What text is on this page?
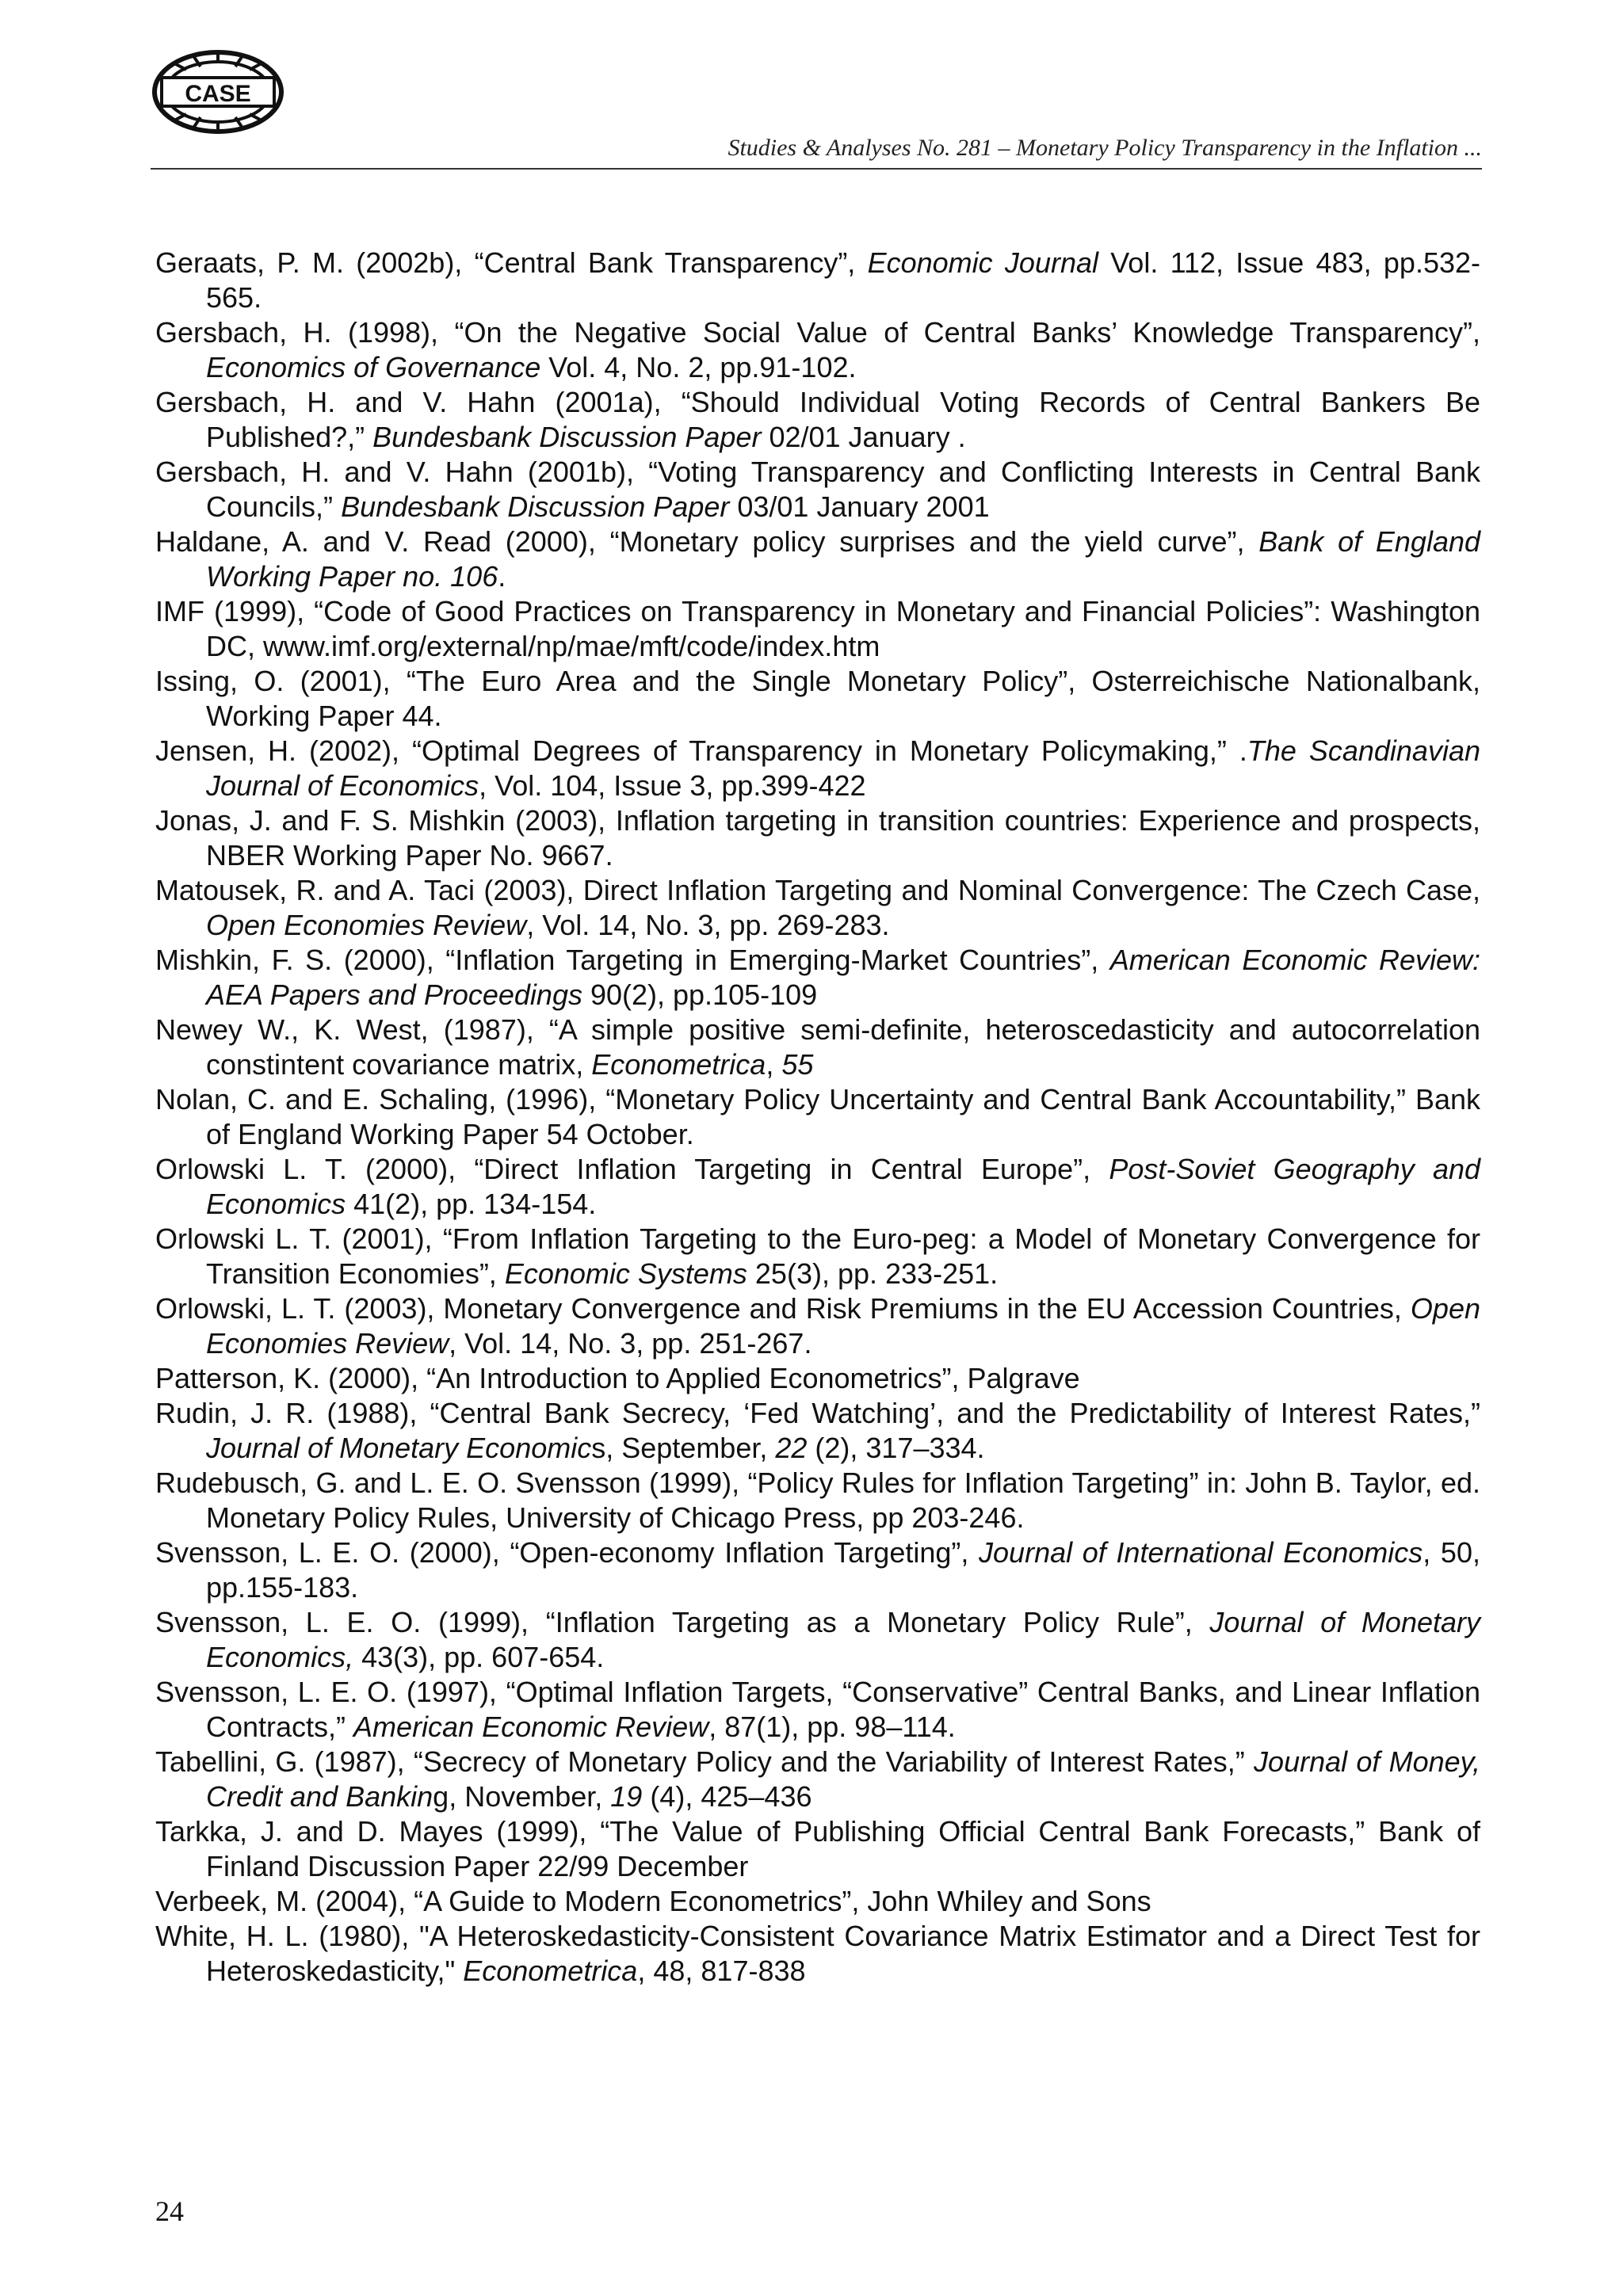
CASE
Studies & Analyses No. 281 – Monetary Policy Transparency in the Inflation ...
Geraats, P. M. (2002b), “Central Bank Transparency”, Economic Journal Vol. 112, Issue 483, pp.532-565.
Gersbach, H. (1998), “On the Negative Social Value of Central Banks’ Knowledge Transparency”, Economics of Governance Vol. 4, No. 2, pp.91-102.
Gersbach, H. and V. Hahn (2001a), “Should Individual Voting Records of Central Bankers Be Published?,” Bundesbank Discussion Paper 02/01 January .
Gersbach, H. and V. Hahn (2001b), “Voting Transparency and Conflicting Interests in Central Bank Councils,” Bundesbank Discussion Paper 03/01 January 2001
Haldane, A. and V. Read (2000), “Monetary policy surprises and the yield curve”, Bank of England Working Paper no. 106.
IMF (1999), “Code of Good Practices on Transparency in Monetary and Financial Policies”: Washington DC, www.imf.org/external/np/mae/mft/code/index.htm
Issing, O. (2001), “The Euro Area and the Single Monetary Policy”, Osterreichische Nationalbank, Working Paper 44.
Jensen, H. (2002), “Optimal Degrees of Transparency in Monetary Policymaking,” .The Scandinavian Journal of Economics, Vol. 104, Issue 3, pp.399-422
Jonas, J. and F. S. Mishkin (2003), Inflation targeting in transition countries: Experience and prospects, NBER Working Paper No. 9667.
Matousek, R. and A. Taci (2003), Direct Inflation Targeting and Nominal Convergence: The Czech Case, Open Economies Review, Vol. 14, No. 3, pp. 269-283.
Mishkin, F. S. (2000), “Inflation Targeting in Emerging-Market Countries”, American Economic Review: AEA Papers and Proceedings 90(2), pp.105-109
Newey W., K. West, (1987), “A simple positive semi-definite, heteroscedasticity and autocorrelation constintent covariance matrix, Econometrica, 55
Nolan, C. and E. Schaling, (1996), “Monetary Policy Uncertainty and Central Bank Accountability,” Bank of England Working Paper 54 October.
Orlowski L. T. (2000), “Direct Inflation Targeting in Central Europe”, Post-Soviet Geography and Economics 41(2), pp. 134-154.
Orlowski L. T. (2001), “From Inflation Targeting to the Euro-peg: a Model of Monetary Convergence for Transition Economies”, Economic Systems 25(3), pp. 233-251.
Orlowski, L. T. (2003), Monetary Convergence and Risk Premiums in the EU Accession Countries, Open Economies Review, Vol. 14, No. 3, pp. 251-267.
Patterson, K. (2000), “An Introduction to Applied Econometrics”, Palgrave
Rudin, J. R. (1988), “Central Bank Secrecy, ‘Fed Watching’, and the Predictability of Interest Rates,” Journal of Monetary Economics, September, 22 (2), 317–334.
Rudebusch, G. and L. E. O. Svensson (1999), “Policy Rules for Inflation Targeting” in: John B. Taylor, ed. Monetary Policy Rules, University of Chicago Press, pp 203-246.
Svensson, L. E. O. (2000), “Open-economy Inflation Targeting”, Journal of International Economics, 50, pp.155-183.
Svensson, L. E. O. (1999), “Inflation Targeting as a Monetary Policy Rule”, Journal of Monetary Economics, 43(3), pp. 607-654.
Svensson, L. E. O. (1997), “Optimal Inflation Targets, “Conservative” Central Banks, and Linear Inflation Contracts,” American Economic Review, 87(1), pp. 98–114.
Tabellini, G. (1987), “Secrecy of Monetary Policy and the Variability of Interest Rates,” Journal of Money, Credit and Banking, November, 19 (4), 425–436
Tarkka, J. and D. Mayes (1999), “The Value of Publishing Official Central Bank Forecasts,” Bank of Finland Discussion Paper 22/99 December
Verbeek, M. (2004), “A Guide to Modern Econometrics”, John Whiley and Sons
White, H. L. (1980), "A Heteroskedasticity-Consistent Covariance Matrix Estimator and a Direct Test for Heteroskedasticity," Econometrica, 48, 817-838
24
